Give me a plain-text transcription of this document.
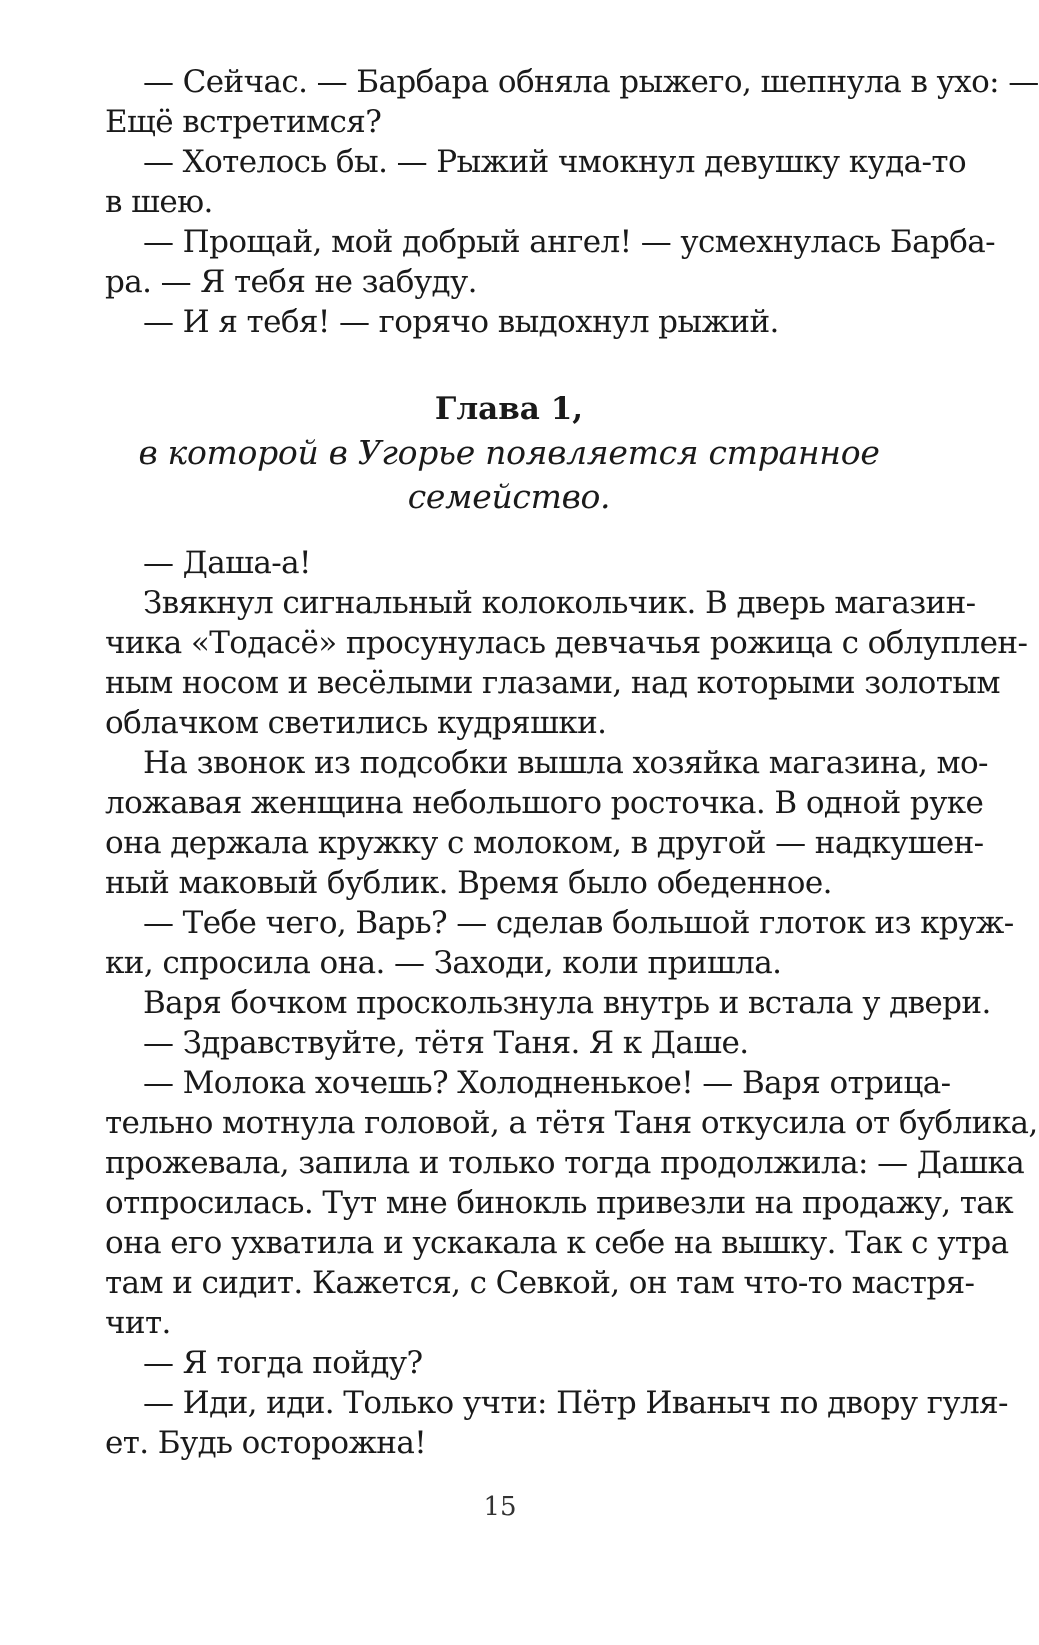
— Сейчас. — Барбара обняла рыжего, шепнула в ухо: —
Ещё встретимся?
— Хотелось бы. — Рыжий чмокнул девушку куда-то
в шею.
— Прощай, мой добрый ангел! — усмехнулась Барба-
ра. — Я тебя не забуду.
— И я тебя! — горячо выдохнул рыжий.
Глава 1,
в которой в Угорье появляется странное
семейство.
— Даша-а!
Звякнул сигнальный колокольчик. В дверь магазин-
чика «Тодасё» просунулась девчачья рожица с облуплен-
ным носом и весёлыми глазами, над которыми золотым
облачком светились кудряшки.
На звонок из подсобки вышла хозяйка магазина, мо-
ложавая женщина небольшого росточка. В одной руке
она держала кружку с молоком, в другой — надкушен-
ный маковый бублик. Время было обеденное.
— Тебе чего, Варь? — сделав большой глоток из круж-
ки, спросила она. — Заходи, коли пришла.
Варя бочком проскользнула внутрь и встала у двери.
— Здравствуйте, тётя Таня. Я к Даше.
— Молока хочешь? Холодненькое! — Варя отрица-
тельно мотнула головой, а тётя Таня откусила от бублика,
прожевала, запила и только тогда продолжила: — Дашка
отпросилась. Тут мне бинокль привезли на продажу, так
она его ухватила и ускакала к себе на вышку. Так с утра
там и сидит. Кажется, с Севкой, он там что-то мастря-
чит.
— Я тогда пойду?
— Иди, иди. Только учти: Пётр Иваныч по двору гуля-
ет. Будь осторожна!
15
